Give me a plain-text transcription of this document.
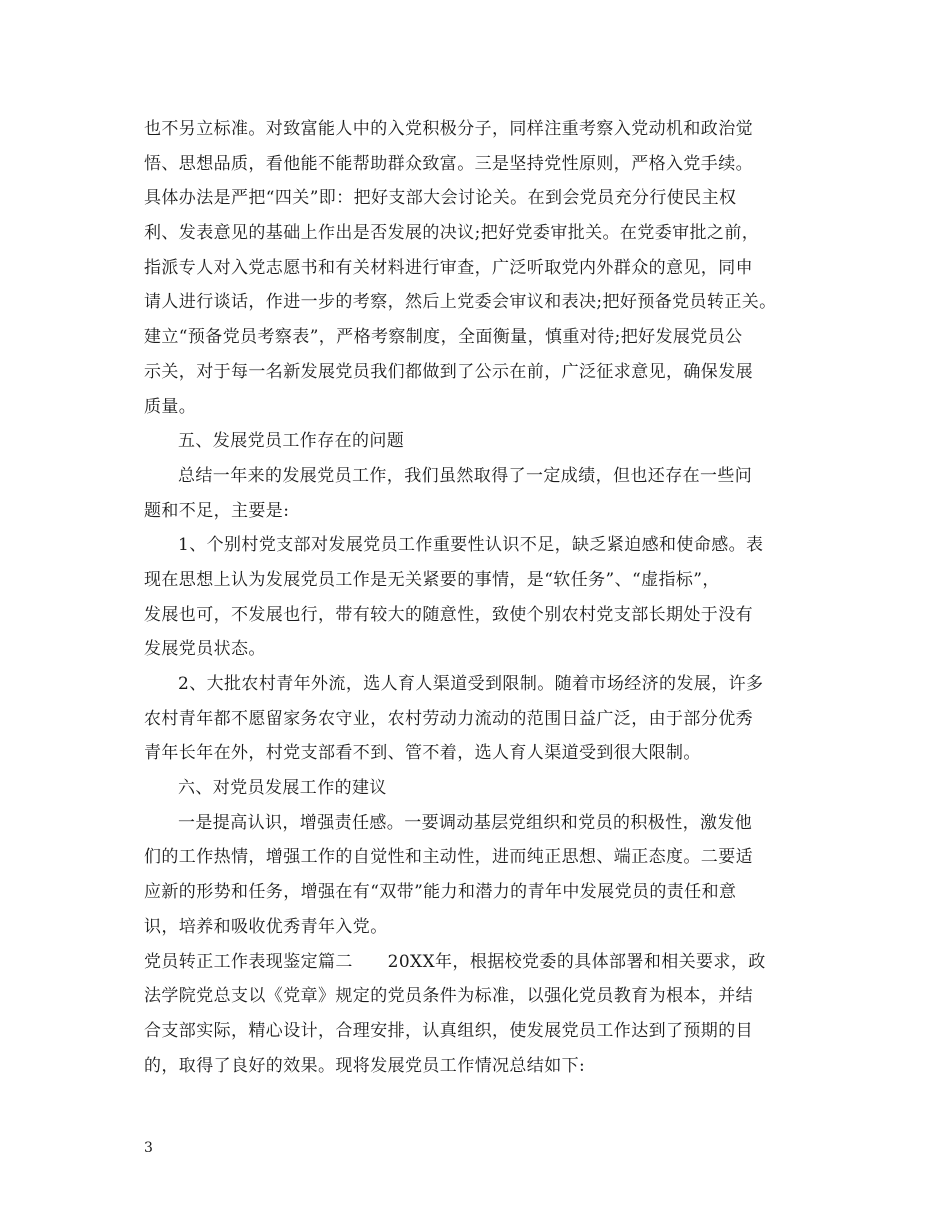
也不另立标准。对致富能人中的入党积极分子，同样注重考察入党动机和政治觉
悟、思想品质，看他能不能帮助群众致富。三是坚持党性原则，严格入党手续。
具体办法是严把“四关”即：把好支部大会讨论关。在到会党员充分行使民主权
利、发表意见的基础上作出是否发展的决议;把好党委审批关。在党委审批之前，
指派专人对入党志愿书和有关材料进行审查，广泛听取党内外群众的意见，同申
请人进行谈话，作进一步的考察，然后上党委会审议和表决;把好预备党员转正关。
建立“预备党员考察表”，严格考察制度，全面衡量，慎重对待;把好发展党员公
示关，对于每一名新发展党员我们都做到了公示在前，广泛征求意见，确保发展
质量。
五、发展党员工作存在的问题
总结一年来的发展党员工作，我们虽然取得了一定成绩，但也还存在一些问
题和不足，主要是:
1、个别村党支部对发展党员工作重要性认识不足，缺乏紧迫感和使命感。表
现在思想上认为发展党员工作是无关紧要的事情，是“软任务”、“虚指标”，
发展也可，不发展也行，带有较大的随意性，致使个别农村党支部长期处于没有
发展党员状态。
2、大批农村青年外流，选人育人渠道受到限制。随着市场经济的发展，许多
农村青年都不愿留家务农守业，农村劳动力流动的范围日益广泛，由于部分优秀
青年长年在外，村党支部看不到、管不着，选人育人渠道受到很大限制。
六、对党员发展工作的建议
一是提高认识，增强责任感。一要调动基层党组织和党员的积极性，激发他
们的工作热情，增强工作的自觉性和主动性，进而纯正思想、端正态度。二要适
应新的形势和任务，增强在有“双带”能力和潜力的青年中发展党员的责任和意
识，培养和吸收优秀青年入党。
党员转正工作表现鉴定篇二　　20XX年，根据校党委的具体部署和相关要求，政
法学院党总支以《党章》规定的党员条件为标准，以强化党员教育为根本，并结
合支部实际，精心设计，合理安排，认真组织，使发展党员工作达到了预期的目
的，取得了良好的效果。现将发展党员工作情况总结如下:
3
